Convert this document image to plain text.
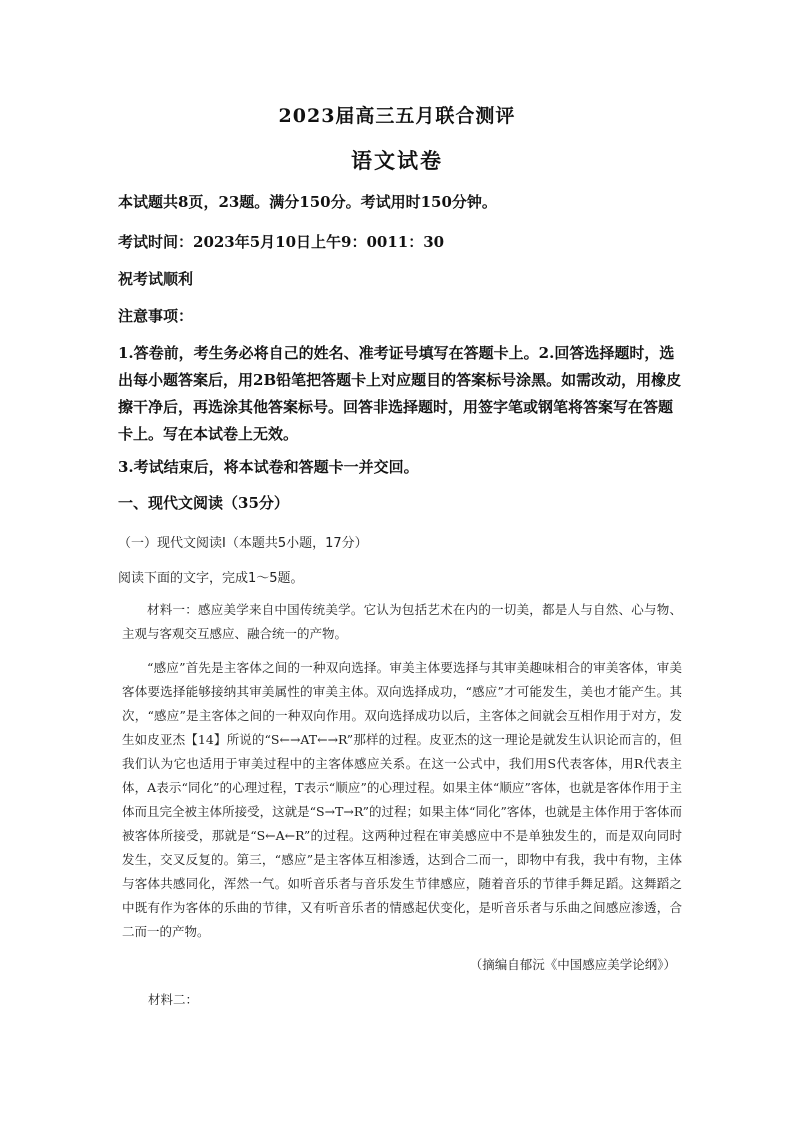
2023届高三五月联合测评
语文试卷
本试题共8页，23题。满分150分。考试用时150分钟。
考试时间：2023年5月10日上午9：0011：30
祝考试顺利
注意事项：

1.答卷前，考生务必将自己的姓名、准考证号填写在答题卡上。2.回答选择题时，选出每小题答案后，用2B铅笔把答题卡上对应题目的答案标号涂黑。如需改动，用橡皮擦干净后，再选涂其他答案标号。回答非选择题时，用签字笔或钢笔将答案写在答题卡上。写在本试卷上无效。

3.考试结束后，将本试卷和答题卡一并交回。
一、现代文阅读（35分）
（一）现代文阅读Ⅰ（本题共5小题，17分）
阅读下面的文字，完成1～5题。

材料一：感应美学来自中国传统美学。它认为包括艺术在内的一切美，都是人与自然、心与物、主观与客观交互感应、融合统一的产物。

“感应”首先是主客体之间的一种双向选择。审美主体要选择与其审美趣味相合的审美客体，审美客体要选择能够接纳其审美属性的审美主体。双向选择成功，“感应”才可能发生，美也才能产生。其次，“感应”是主客体之间的一种双向作用。双向选择成功以后，主客体之间就会互相作用于对方，发生如皮亚杰【14】所说的“S←→AT←→R”那样的过程。皮亚杰的这一理论是就发生认识论而言的，但我们认为它也适用于审美过程中的主客体感应关系。在这一公式中，我们用S代表客体，用R代表主体，A表示“同化”的心理过程，T表示“顺应”的心理过程。如果主体“顺应”客体，也就是客体作用于主体而且完全被主体所接受，这就是“S→T→R”的过程；如果主体“同化”客体，也就是主体作用于客体而被客体所接受，那就是“S←A←R”的过程。这两种过程在审美感应中不是单独发生的，而是双向同时发生，交叉反复的。第三，“感应”是主客体互相渗透，达到合二而一，即物中有我，我中有物，主体与客体共感同化，浑然一气。如听音乐者与音乐发生节律感应，随着音乐的节律手舞足蹈。这舞蹈之中既有作为客体的乐曲的节律，又有听音乐者的情感起伏变化，是听音乐者与乐曲之间感应渗透，合二而一的产物。

（摘编自郁沅《中国感应美学论纲》）
材料二：
